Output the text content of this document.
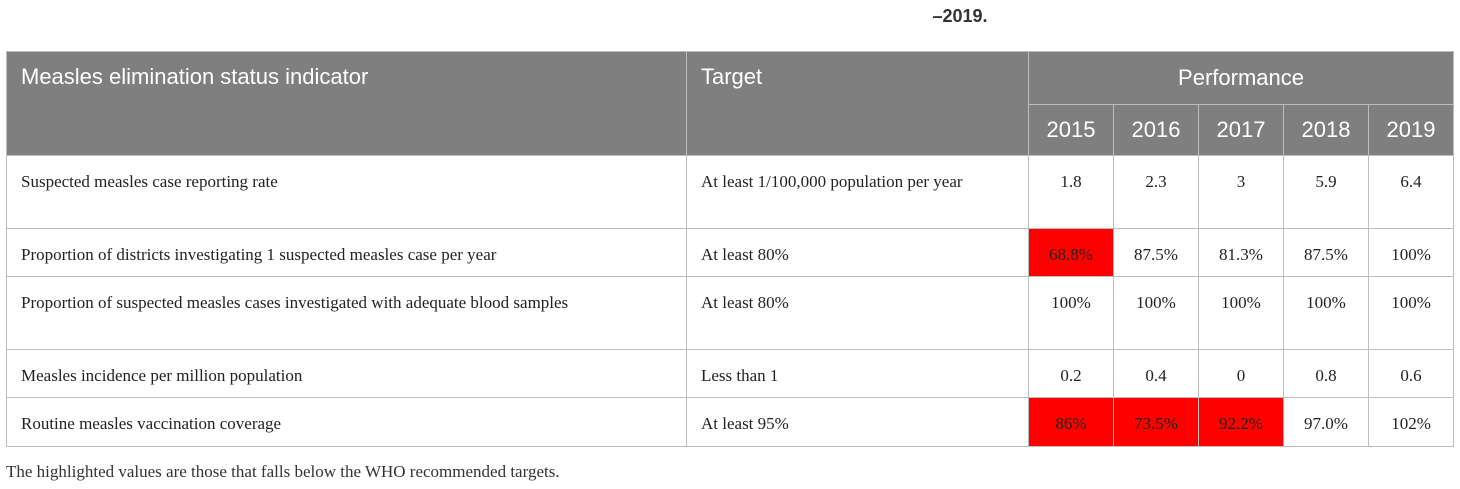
–2019.
Measles elimination status indicator	Target	Performance				
		2015	2016	2017	2018	2019
Suspected measles case reporting rate	At least 1/100,000 population per year	1.8	2.3	3	5.9	6.4
Proportion of districts investigating 1 suspected measles case per year	At least 80%	68.8%	87.5%	81.3%	87.5%	100%
Proportion of suspected measles cases investigated with adequate blood samples	At least 80%	100%	100%	100%	100%	100%
Measles incidence per million population	Less than 1	0.2	0.4	0	0.8	0.6
Routine measles vaccination coverage	At least 95%	86%	73.5%	92.2%	97.0%	102%
The highlighted values are those that falls below the WHO recommended targets.
